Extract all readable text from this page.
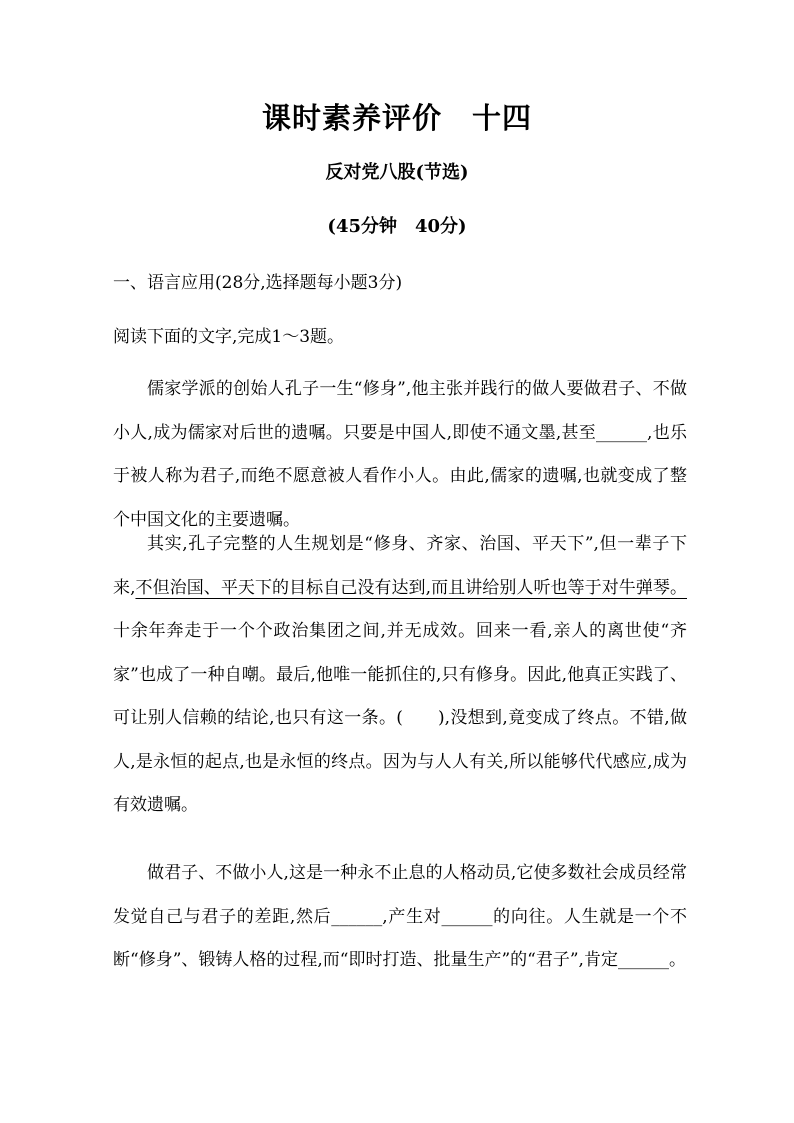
课时素养评价　十四
反对党八股(节选)
(45分钟　40分)
一、语言应用(28分,选择题每小题3分)
阅读下面的文字,完成1～3题。

儒家学派的创始人孔子一生“修身”,他主张并践行的做人要做君子、不做小人,成为儒家对后世的遗嘱。只要是中国人,即使不通文墨,甚至______,也乐于被人称为君子,而绝不愿意被人看作小人。由此,儒家的遗嘱,也就变成了整个中国文化的主要遗嘱。

其实,孔子完整的人生规划是“修身、齐家、治国、平天下”,但一辈子下来,不但治国、平天下的目标自己没有达到,而且讲给别人听也等于对牛弹琴。十余年奔走于一个个政治集团之间,并无成效。回来一看,亲人的离世使“齐家”也成了一种自嘲。最后,他唯一能抓住的,只有修身。因此,他真正实践了、可让别人信赖的结论,也只有这一条。(　　),没想到,竟变成了终点。不错,做人,是永恒的起点,也是永恒的终点。因为与人人有关,所以能够代代感应,成为有效遗嘱。

做君子、不做小人,这是一种永不止息的人格动员,它使多数社会成员经常发觉自己与君子的差距,然后______,产生对______的向往。人生就是一个不断“修身”、锻铸人格的过程,而“即时打造、批量生产”的“君子”,肯定______。
